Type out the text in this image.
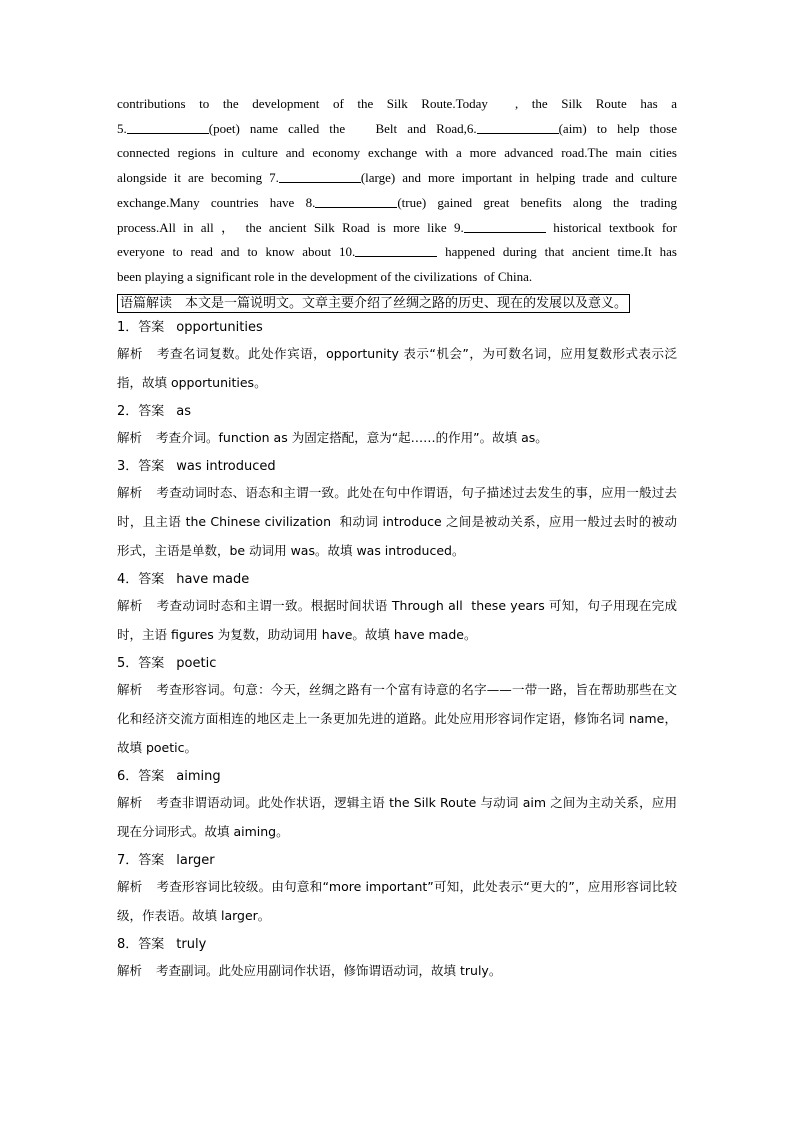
contributions to the development of the Silk Route.Today  , the Silk Route has a
5.	(poet) name called the   Belt and Road,6.	(aim) to help those
connected regions in culture and economy exchange with a more advanced road.The main cities
alongside it are becoming 7.	(large) and more important in helping trade and culture
exchange.Many countries have 8.	(true) gained great benefits along the trading
process.All in all ， the ancient Silk Road is more like 9.	historical textbook for
everyone to read and to know about 10.	happened during that ancient time.It has
been playing a significant role in the development of the civilizations  of China.

语篇解读　本文是一篇说明文。文章主要介绍了丝绸之路的历史、现在的发展以及意义。
1．答案 opportunities
解析 考查名词复数。此处作宾语，opportunity 表示“机会”，为可数名词，应用复数形式表示泛指，故填 opportunities。
2．答案 as
解析 考查介词。function as 为固定搭配，意为“起……的作用”。故填 as。
3．答案 was introduced
解析 考查动词时态、语态和主谓一致。此处在句中作谓语，句子描述过去发生的事，应用一般过去时，且主语 the Chinese civilization  和动词 introduce 之间是被动关系，应用一般过去时的被动形式，主语是单数，be 动词用 was。故填 was introduced。
4．答案 have made
解析 考查动词时态和主谓一致。根据时间状语 Through all  these years 可知，句子用现在完成时，主语 figures 为复数，助动词用 have。故填 have made。
5．答案 poetic
解析 考查形容词。句意：今天，丝绸之路有一个富有诗意的名字——一带一路，旨在帮助那些在文化和经济交流方面相连的地区走上一条更加先进的道路。此处应用形容词作定语，修饰名词 name，故填 poetic。
6．答案 aiming
解析 考查非谓语动词。此处作状语，逻辑主语 the Silk Route 与动词 aim 之间为主动关系，应用现在分词形式。故填 aiming。
7．答案 larger
解析 考查形容词比较级。由句意和“more important”可知，此处表示“更大的”，应用形容词比较级，作表语。故填 larger。
8．答案 truly
解析 考查副词。此处应用副词作状语，修饰谓语动词，故填 truly。
